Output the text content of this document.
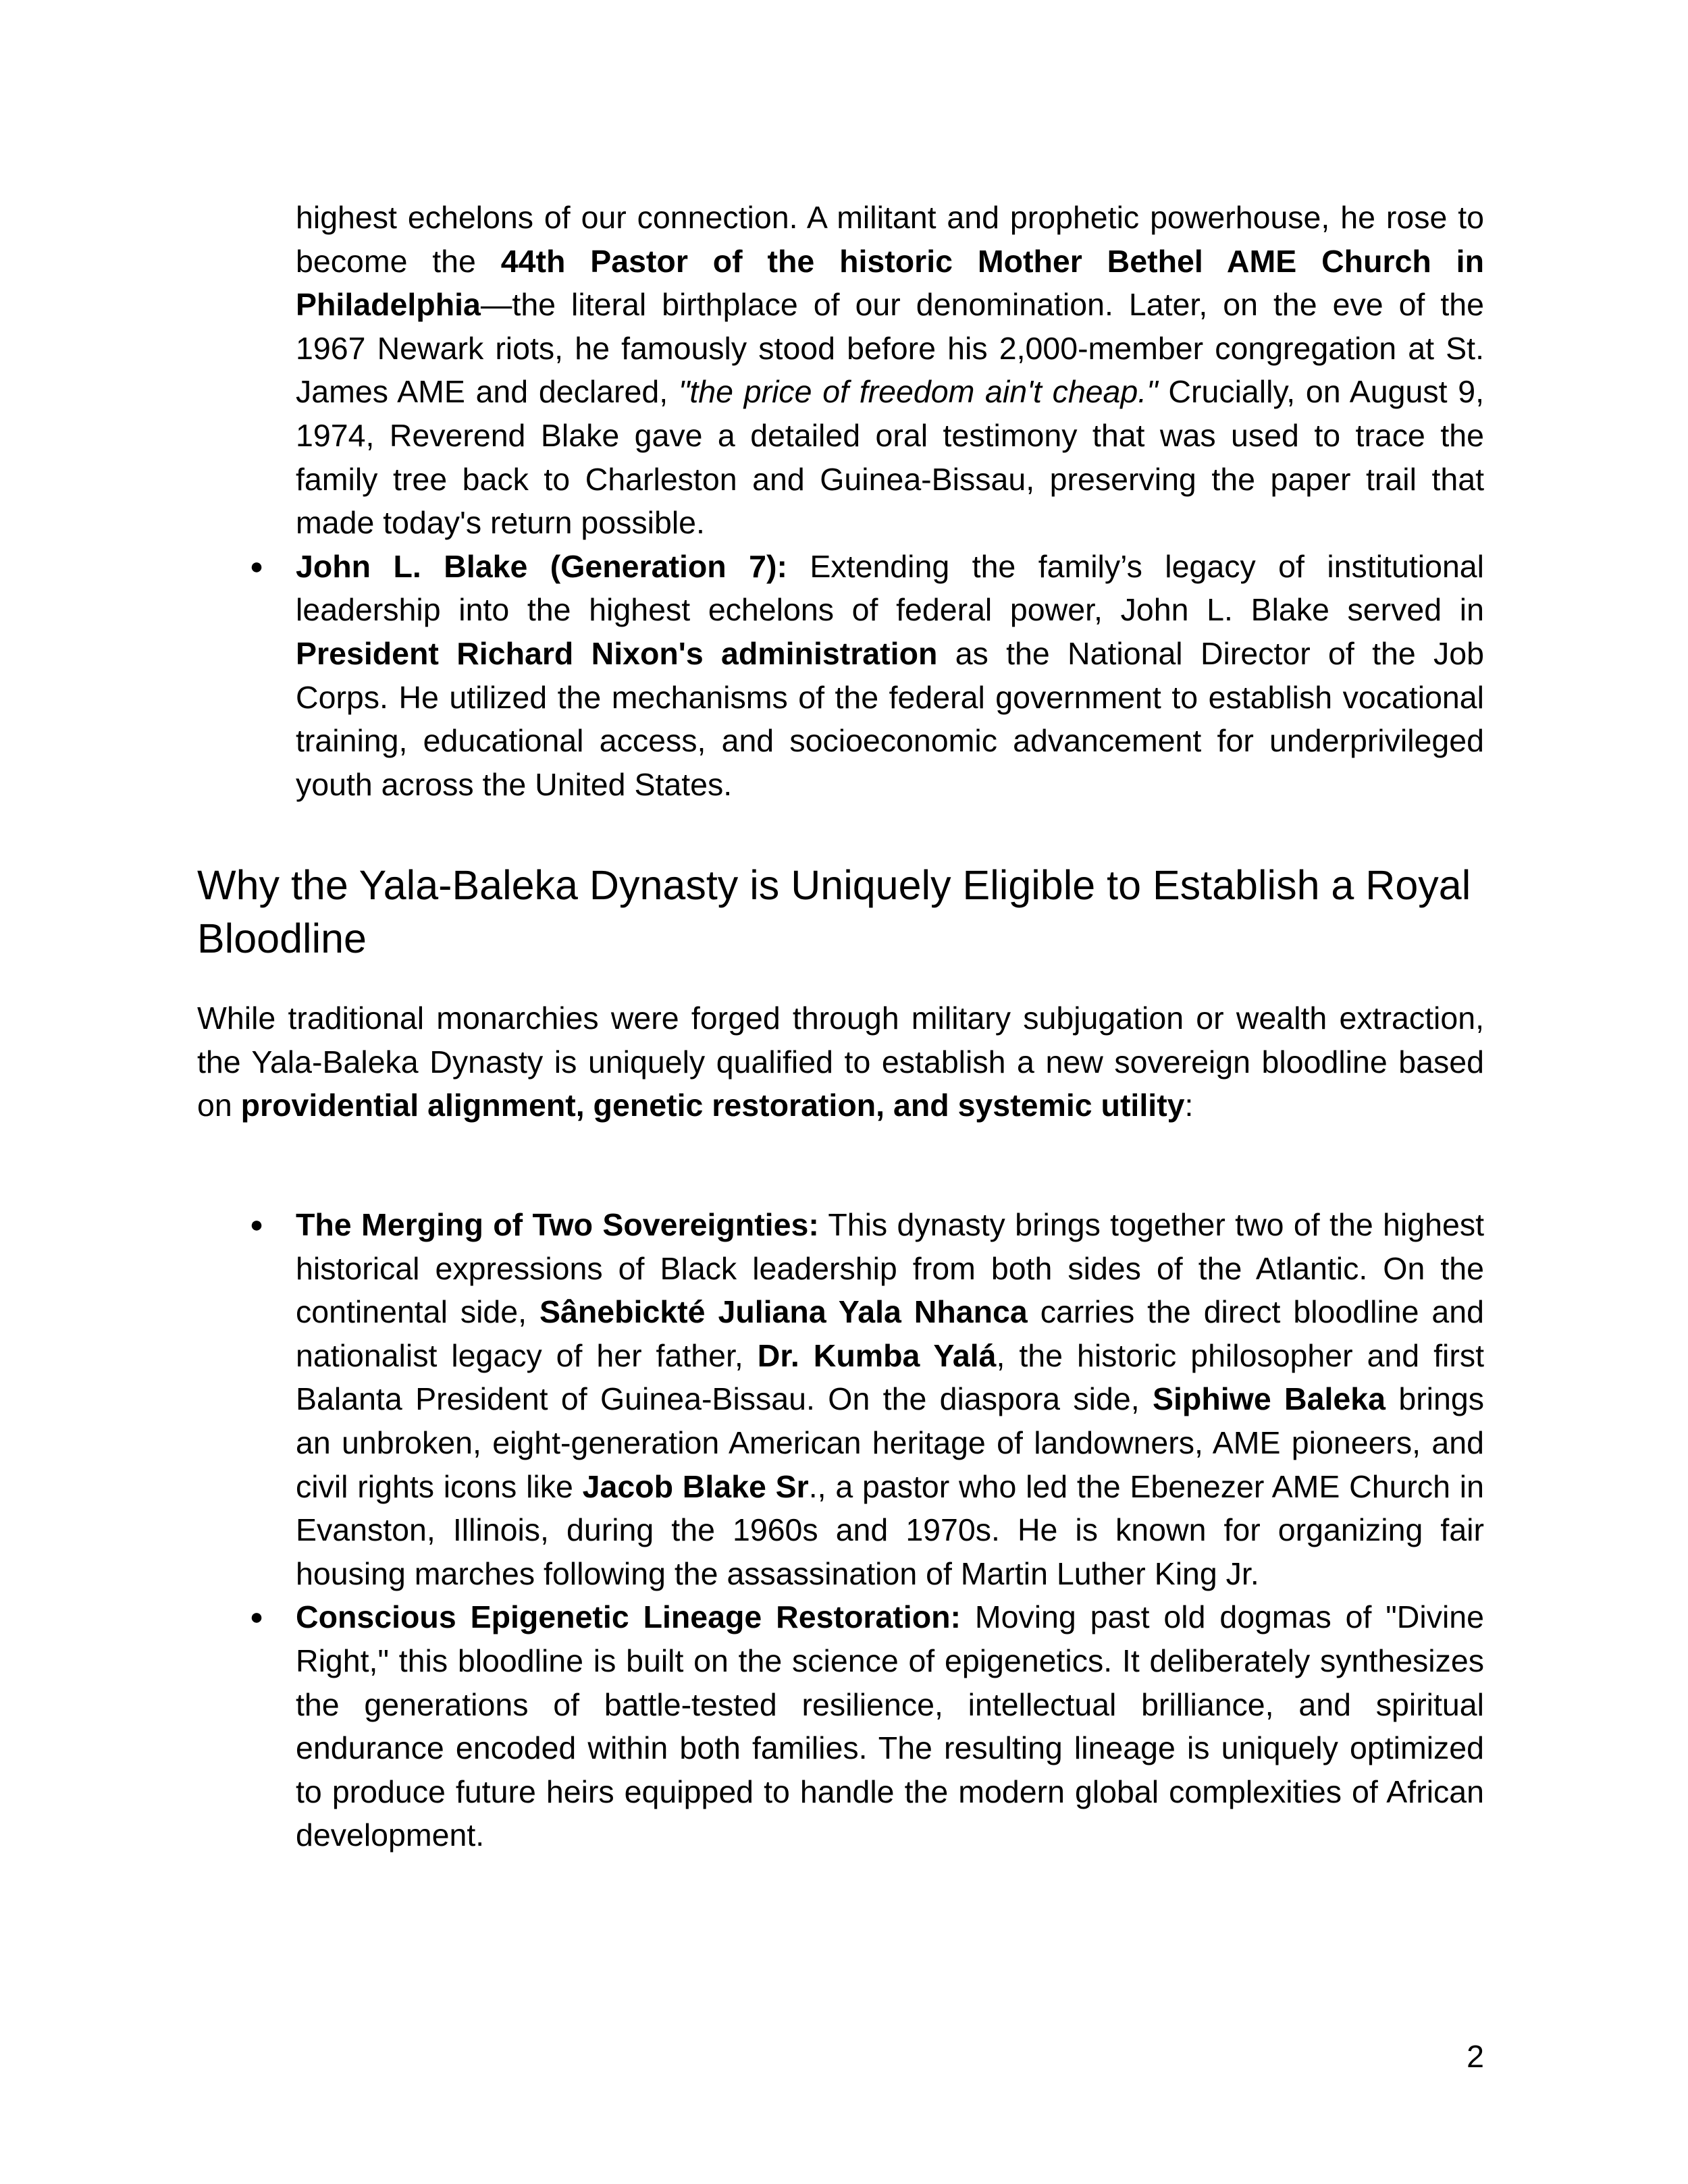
highest echelons of our connection. A militant and prophetic powerhouse, he rose to become the 44th Pastor of the historic Mother Bethel AME Church in Philadelphia—the literal birthplace of our denomination. Later, on the eve of the 1967 Newark riots, he famously stood before his 2,000-member congregation at St. James AME and declared, "the price of freedom ain't cheap." Crucially, on August 9, 1974, Reverend Blake gave a detailed oral testimony that was used to trace the family tree back to Charleston and Guinea-Bissau, preserving the paper trail that made today's return possible.
● John L. Blake (Generation 7): Extending the family’s legacy of institutional leadership into the highest echelons of federal power, John L. Blake served in President Richard Nixon's administration as the National Director of the Job Corps. He utilized the mechanisms of the federal government to establish vocational training, educational access, and socioeconomic advancement for underprivileged youth across the United States.
Why the Yala-Baleka Dynasty is Uniquely Eligible to Establish a Royal Bloodline
While traditional monarchies were forged through military subjugation or wealth extraction, the Yala-Baleka Dynasty is uniquely qualified to establish a new sovereign bloodline based on providential alignment, genetic restoration, and systemic utility:
● The Merging of Two Sovereignties: This dynasty brings together two of the highest historical expressions of Black leadership from both sides of the Atlantic. On the continental side, Sânebickté Juliana Yala Nhanca carries the direct bloodline and nationalist legacy of her father, Dr. Kumba Yalá, the historic philosopher and first Balanta President of Guinea-Bissau. On the diaspora side, Siphiwe Baleka brings an unbroken, eight-generation American heritage of landowners, AME pioneers, and civil rights icons like Jacob Blake Sr., a pastor who led the Ebenezer AME Church in Evanston, Illinois, during the 1960s and 1970s. He is known for organizing fair housing marches following the assassination of Martin Luther King Jr.
● Conscious Epigenetic Lineage Restoration: Moving past old dogmas of "Divine Right," this bloodline is built on the science of epigenetics. It deliberately synthesizes the generations of battle-tested resilience, intellectual brilliance, and spiritual endurance encoded within both families. The resulting lineage is uniquely optimized to produce future heirs equipped to handle the modern global complexities of African development.
2
